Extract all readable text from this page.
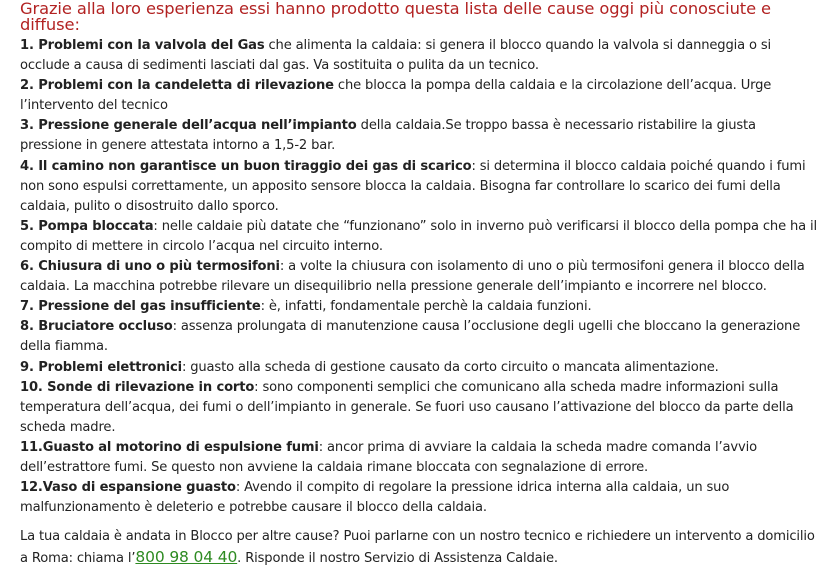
Grazie alla loro esperienza essi hanno prodotto questa lista delle cause oggi più conosciute e diffuse:
1. Problemi con la valvola del Gas che alimenta la caldaia: si genera il blocco quando la valvola si danneggia o si occlude a causa di sedimenti lasciati dal gas. Va sostituita o pulita da un tecnico.
2. Problemi con la candeletta di rilevazione che blocca la pompa della caldaia e la circolazione dell’acqua. Urge l’intervento del tecnico
3. Pressione generale dell’acqua nell’impianto della caldaia.Se troppo bassa è necessario ristabilire la giusta pressione in genere attestata intorno a 1,5-2 bar.
4. Il camino non garantisce un buon tiraggio dei gas di scarico: si determina il blocco caldaia poiché quando i fumi non sono espulsi correttamente, un apposito sensore blocca la caldaia. Bisogna far controllare lo scarico dei fumi della caldaia, pulito o disostruito dallo sporco.
5. Pompa bloccata: nelle caldaie più datate che “funzionano” solo in inverno può verificarsi il blocco della pompa che ha il compito di mettere in circolo l’acqua nel circuito interno.
6. Chiusura di uno o più termosifoni: a volte la chiusura con isolamento di uno o più termosifoni genera il blocco della caldaia. La macchina potrebbe rilevare un disequilibrio nella pressione generale dell’impianto e incorrere nel blocco.
7. Pressione del gas insufficiente: è, infatti, fondamentale perchè la caldaia funzioni.
8. Bruciatore occluso: assenza prolungata di manutenzione causa l’occlusione degli ugelli che bloccano la generazione della fiamma.
9. Problemi elettronici: guasto alla scheda di gestione causato da corto circuito o mancata alimentazione.
10. Sonde di rilevazione in corto: sono componenti semplici che comunicano alla scheda madre informazioni sulla temperatura dell’acqua, dei fumi o dell’impianto in generale. Se fuori uso causano l’attivazione del blocco da parte della scheda madre.
11.Guasto al motorino di espulsione fumi: ancor prima di avviare la caldaia la scheda madre comanda l’avvio dell’estrattore fumi. Se questo non avviene la caldaia rimane bloccata con segnalazione di errore.
12.Vaso di espansione guasto: Avendo il compito di regolare la pressione idrica interna alla caldaia, un suo malfunzionamento è deleterio e potrebbe causare il blocco della caldaia.

La tua caldaia è andata in Blocco per altre cause? Puoi parlarne con un nostro tecnico e richiedere un intervento a domicilio a Roma: chiama l’800 98 04 40. Risponde il nostro Servizio di Assistenza Caldaie.
